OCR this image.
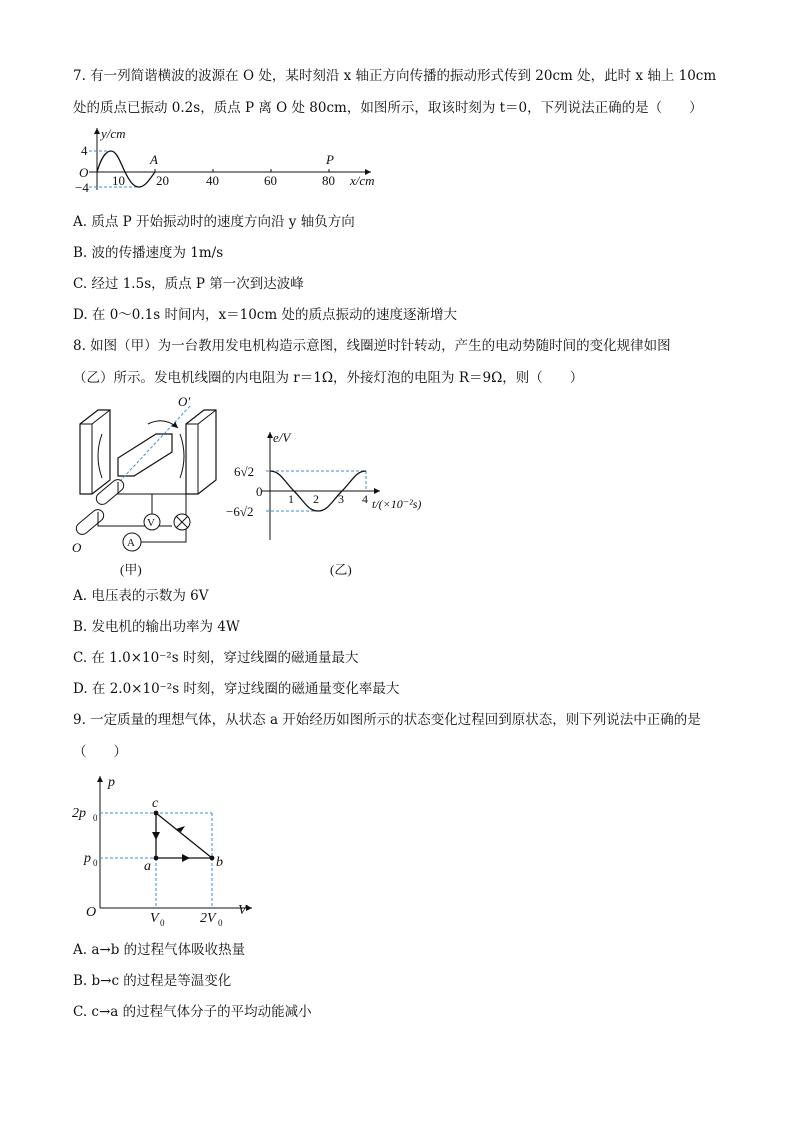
7. 有一列简谐横波的波源在 O 处，某时刻沿 x 轴正方向传播的振动形式传到 20cm 处，此时 x 轴上 10cm
处的质点已振动 0.2s，质点 P 离 O 处 80cm，如图所示，取该时刻为 t＝0，下列说法正确的是（　　）
y/cm
4
O
−4 10 20	40	60	80 x/cm
A	P
A. 质点 P 开始振动时的速度方向沿 y 轴负方向
B. 波的传播速度为 1m/s
C. 经过 1.5s，质点 P 第一次到达波峰
D. 在 0～0.1s 时间内，x＝10cm 处的质点振动的速度逐渐增大
8. 如图（甲）为一台教用发电机构造示意图，线圈逆时针转动，产生的电动势随时间的变化规律如图
（乙）所示。发电机线圈的内电阻为 r＝1Ω，外接灯泡的电阻为 R＝9Ω，则（　　）
V
A
O′
O
(甲)
e/V
6√2
0
−6√2
1 2 3 4 t/(×10⁻²s)
(乙)
A. 电压表的示数为 6V
B. 发电机的输出功率为 4W
C. 在 1.0×10⁻²s 时刻，穿过线圈的磁通量最大
D. 在 2.0×10⁻²s 时刻，穿过线圈的磁通量变化率最大
9. 一定质量的理想气体，从状态 a 开始经历如图所示的状态变化过程回到原状态，则下列说法中正确的是
（　　）
p
V
O
2p 0
p 0
V 0	2V 0
a	b
c
A. a→b 的过程气体吸收热量
B. b→c 的过程是等温变化
C. c→a 的过程气体分子的平均动能减小
